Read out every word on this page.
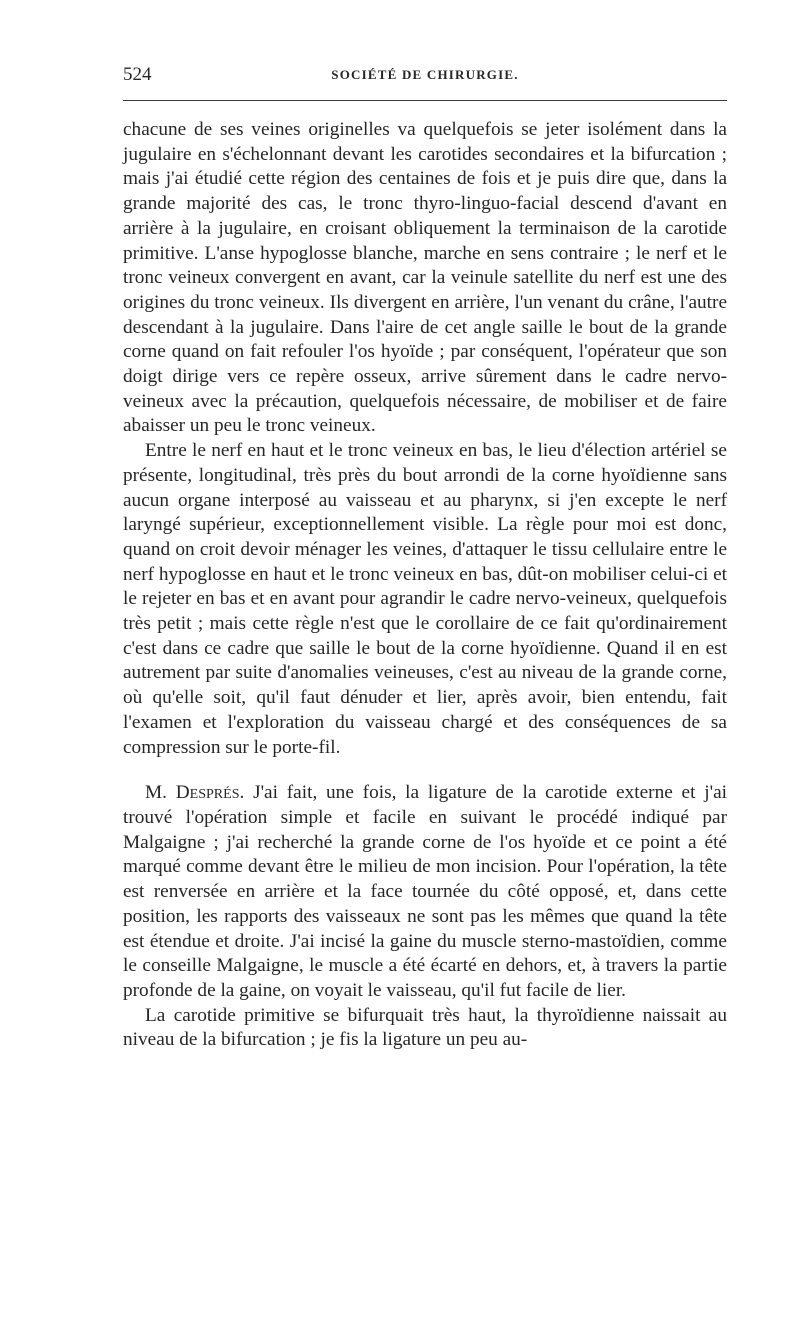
524	SOCIÉTÉ DE CHIRURGIE.

chacune de ses veines originelles va quelquefois se jeter isolément dans la jugulaire en s'échelonnant devant les carotides secondaires et la bifurcation ; mais j'ai étudié cette région des centaines de fois et je puis dire que, dans la grande majorité des cas, le tronc thyro-linguo-facial descend d'avant en arrière à la jugulaire, en croisant obliquement la terminaison de la carotide primitive. L'anse hypoglosse blanche, marche en sens contraire ; le nerf et le tronc veineux convergent en avant, car la veinule satellite du nerf est une des origines du tronc veineux. Ils divergent en arrière, l'un venant du crâne, l'autre descendant à la jugulaire. Dans l'aire de cet angle saille le bout de la grande corne quand on fait refouler l'os hyoïde ; par conséquent, l'opérateur que son doigt dirige vers ce repère osseux, arrive sûrement dans le cadre nervo-veineux avec la précaution, quelquefois nécessaire, de mobiliser et de faire abaisser un peu le tronc veineux.

Entre le nerf en haut et le tronc veineux en bas, le lieu d'élection artériel se présente, longitudinal, très près du bout arrondi de la corne hyoïdienne sans aucun organe interposé au vaisseau et au pharynx, si j'en excepte le nerf laryngé supérieur, exceptionnellement visible. La règle pour moi est donc, quand on croit devoir ménager les veines, d'attaquer le tissu cellulaire entre le nerf hypoglosse en haut et le tronc veineux en bas, dût-on mobiliser celui-ci et le rejeter en bas et en avant pour agrandir le cadre nervo-veineux, quelquefois très petit ; mais cette règle n'est que le corollaire de ce fait qu'ordinairement c'est dans ce cadre que saille le bout de la corne hyoïdienne. Quand il en est autrement par suite d'anomalies veineuses, c'est au niveau de la grande corne, où qu'elle soit, qu'il faut dénuder et lier, après avoir, bien entendu, fait l'examen et l'exploration du vaisseau chargé et des conséquences de sa compression sur le porte-fil.

M. Després. J'ai fait, une fois, la ligature de la carotide externe et j'ai trouvé l'opération simple et facile en suivant le procédé indiqué par Malgaigne ; j'ai recherché la grande corne de l'os hyoïde et ce point a été marqué comme devant être le milieu de mon incision. Pour l'opération, la tête est renversée en arrière et la face tournée du côté opposé, et, dans cette position, les rapports des vaisseaux ne sont pas les mêmes que quand la tête est étendue et droite. J'ai incisé la gaine du muscle sterno-mastoïdien, comme le conseille Malgaigne, le muscle a été écarté en dehors, et, à travers la partie profonde de la gaine, on voyait le vaisseau, qu'il fut facile de lier.

La carotide primitive se bifurquait très haut, la thyroïdienne naissait au niveau de la bifurcation ; je fis la ligature un peu au-
